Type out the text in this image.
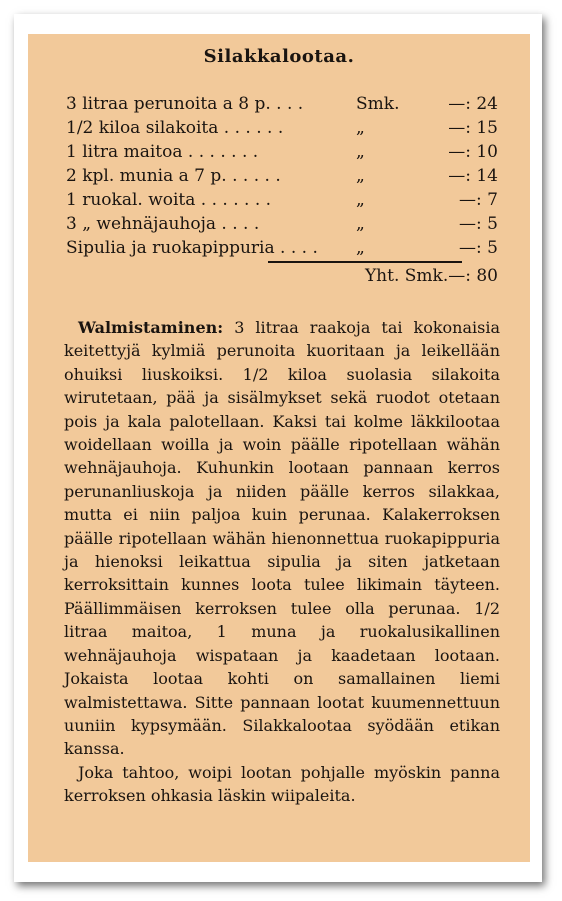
Silakkalootaa.
3 litraa perunoita a 8 p. . . .	Smk.	—: 24
1/2 kiloa silakoita . . . . . .	„	—: 15
1 litra maitoa . . . . . . .	„	—: 10
2 kpl. munia a 7 p. . . . . .	„	—: 14
1 ruokal. woita . . . . . . .	„	—: 7
3 „ wehnäjauhoja . . . .	„	—: 5
Sipulia ja ruokapippuria . . . . „	—: 5
Yht. Smk.—: 80

Walmistaminen: 3 litraa raakoja tai kokonaisia keitettyjä kylmiä perunoita kuoritaan ja leikellään ohuiksi liuskoiksi. 1/2 kiloa suolasia silakoita wirutetaan, pää ja sisälmykset sekä ruodot otetaan pois ja kala palotellaan. Kaksi tai kolme läkkilootaa woidellaan woilla ja woin päälle ripotellaan wähän wehnäjauhoja. Kuhunkin lootaan pannaan kerros perunanliuskoja ja niiden päälle kerros silakkaa, mutta ei niin paljoa kuin perunaa. Kalakerroksen päälle ripotellaan wähän hienonnettua ruokapippuria ja hienoksi leikattua sipulia ja siten jatketaan kerroksittain kunnes loota tulee likimain täyteen. Päällimmäisen kerroksen tulee olla perunaa. 1/2 litraa maitoa, 1 muna ja ruokalusikallinen wehnäjauhoja wispataan ja kaadetaan lootaan. Jokaista lootaa kohti on samallainen liemi walmistettawa. Sitte pannaan lootat kuumennettuun uuniin kypsymään. Silakkalootaa syödään etikan kanssa.

Joka tahtoo, woipi lootan pohjalle myöskin panna kerroksen ohkasia läskin wiipaleita.
